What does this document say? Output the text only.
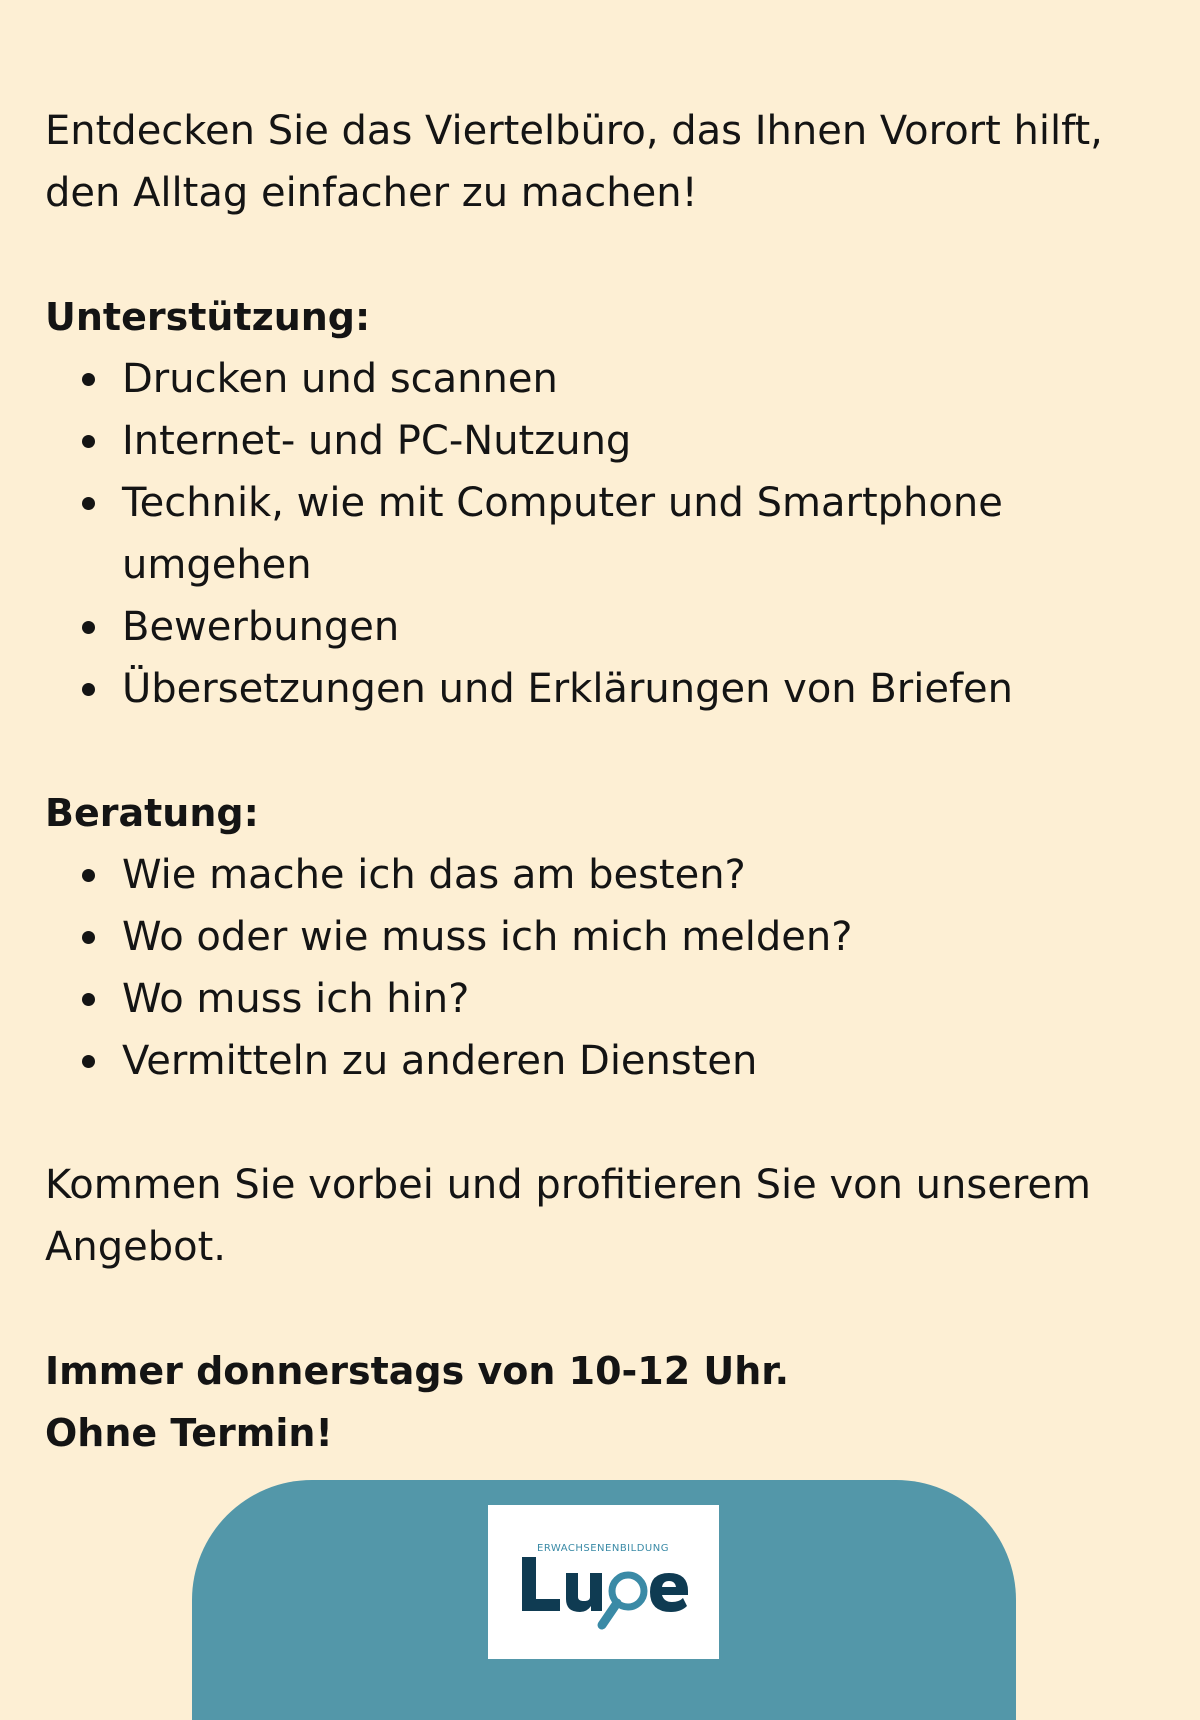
Entdecken Sie das Viertelbüro, das Ihnen Vorort hilft, den Alltag einfacher zu machen!

Unterstützung:

Drucken und scannen
Internet- und PC-Nutzung
Technik, wie mit Computer und Smartphone umgehen
Bewerbungen
Übersetzungen und Erklärungen von Briefen

Beratung:

Wie mache ich das am besten?
Wo oder wie muss ich mich melden?
Wo muss ich hin?
Vermitteln zu anderen Diensten

Kommen Sie vorbei und profitieren Sie von unserem Angebot.

Immer donnerstags von 10-12 Uhr.

Ohne Termin!

ERWACHSENENBILDUNG
